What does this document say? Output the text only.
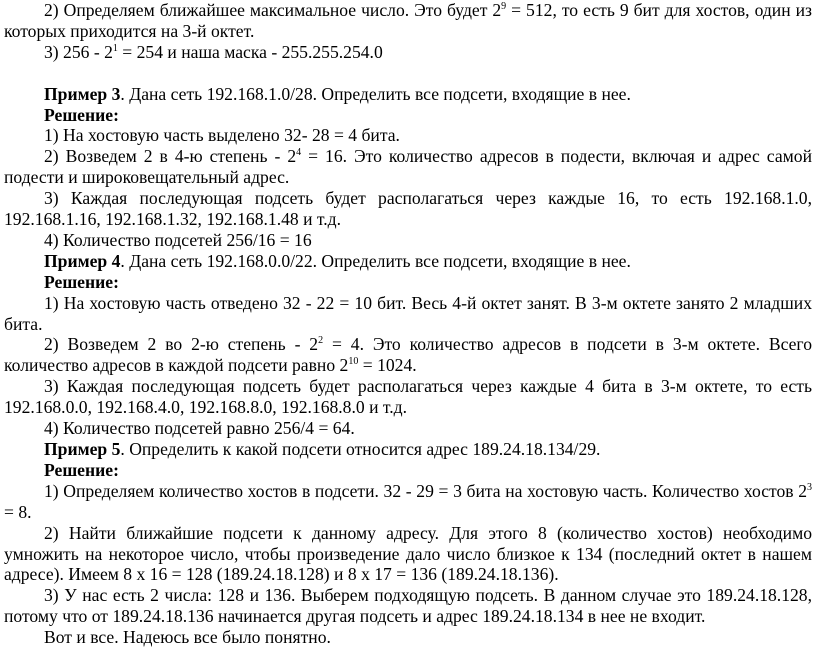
2) Определяем ближайшее максимальное число. Это будет $2^9 = 512$, то есть 9 бит для хостов, один из которых приходится на 3-й октет.

3) $256 - 2^1 = 254$ и наша маска - 255.255.254.0

Пример 3. Дана сеть 192.168.1.0/28. Определить все подсети, входящие в нее.

Решение:

1) На хостовую часть выделено 32- 28 = 4 бита.

2) Возведем 2 в 4-ю степень - $2^4 = 16$. Это количество адресов в подести, включая и адрес самой подести и широковещательный адрес.

3) Каждая последующая подсеть будет располагаться через каждые 16, то есть 192.168.1.0, 192.168.1.16, 192.168.1.32, 192.168.1.48 и т.д.

4) Количество подсетей 256/16 = 16

Пример 4. Дана сеть 192.168.0.0/22. Определить все подсети, входящие в нее.

Решение:

1) На хостовую часть отведено 32 - 22 = 10 бит. Весь 4-й октет занят. В 3-м октете занято 2 младших бита.

2) Возведем 2 во 2-ю степень - $2^2 = 4$. Это количество адресов в подсети в 3-м октете. Всего количество адресов в каждой подсети равно $2^{10} = 1024$.

3) Каждая последующая подсеть будет располагаться через каждые 4 бита в 3-м октете, то есть 192.168.0.0, 192.168.4.0, 192.168.8.0, 192.168.8.0 и т.д.

4) Количество подсетей равно 256/4 = 64.

Пример 5. Определить к какой подсети относится адрес 189.24.18.134/29.

Решение:

1) Определяем количество хостов в подсети. 32 - 29 = 3 бита на хостовую часть. Количество хостов $2^3 = 8$.

2) Найти ближайшие подсети к данному адресу. Для этого 8 (количество хостов) необходимо умножить на некоторое число, чтобы произведение дало число близкое к 134 (последний октет в нашем адресе). Имеем 8 х 16 = 128 (189.24.18.128) и 8 х 17 = 136 (189.24.18.136).

3) У нас есть 2 числа: 128 и 136. Выберем подходящую подсеть. В данном случае это 189.24.18.128, потому что от 189.24.18.136 начинается другая подсеть и адрес 189.24.18.134 в нее не входит.

Вот и все. Надеюсь все было понятно.
